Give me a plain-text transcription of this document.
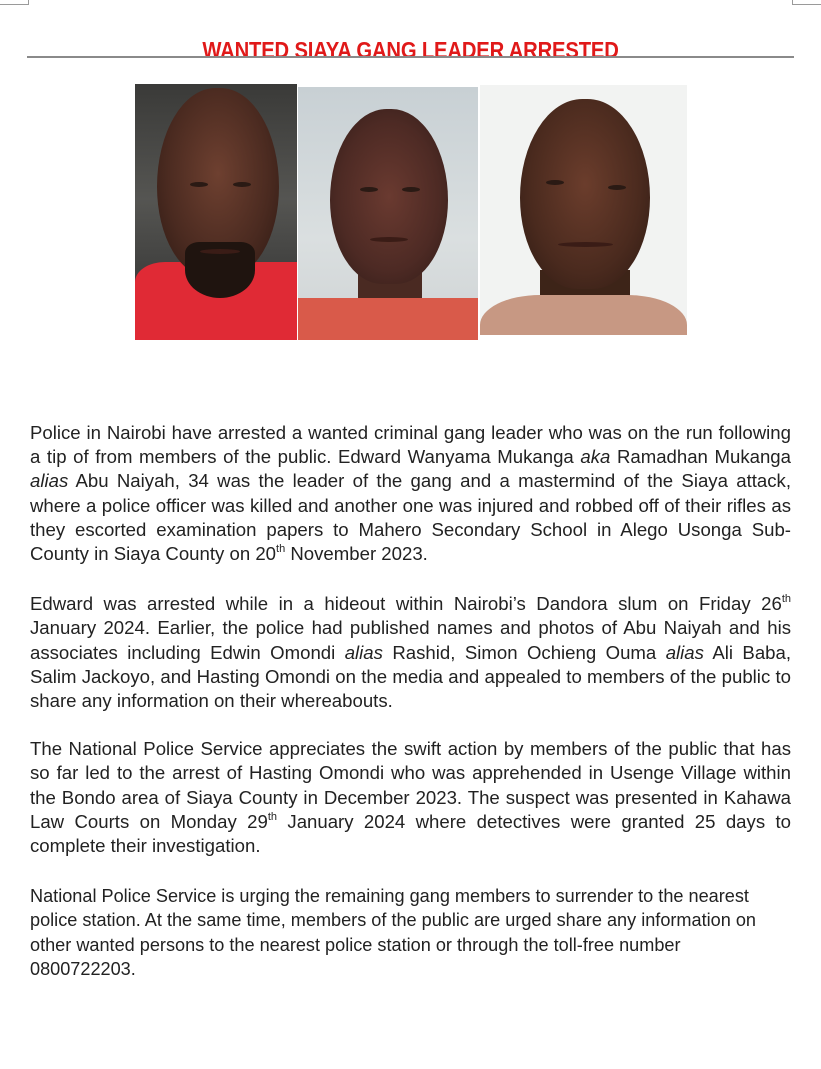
WANTED SIAYA GANG LEADER ARRESTED

Police in Nairobi have arrested a wanted criminal gang leader who was on the run following a tip of from members of the public. Edward Wanyama Mukanga aka Ramadhan Mukanga alias Abu Naiyah, 34 was the leader of the gang and a mastermind of the Siaya attack, where a police officer was killed and another one was injured and robbed off of their rifles as they escorted examination papers to Mahero Secondary School in Alego Usonga Sub-County in Siaya County on 20th November 2023.

Edward was arrested while in a hideout within Nairobi’s Dandora slum on Friday 26th January 2024. Earlier, the police had published names and photos of Abu Naiyah and his associates including Edwin Omondi alias Rashid, Simon Ochieng Ouma alias Ali Baba, Salim Jackoyo, and Hasting Omondi on the media and appealed to members of the public to share any information on their whereabouts.

The National Police Service appreciates the swift action by members of the public that has so far led to the arrest of Hasting Omondi who was apprehended in Usenge Village within the Bondo area of Siaya County in December 2023. The suspect was presented in Kahawa Law Courts on Monday 29th January 2024 where detectives were granted 25 days to complete their investigation.

National Police Service is urging the remaining gang members to surrender to the nearest police station. At the same time, members of the public are urged share any information on other wanted persons to the nearest police station or through the toll-free number 0800722203.
